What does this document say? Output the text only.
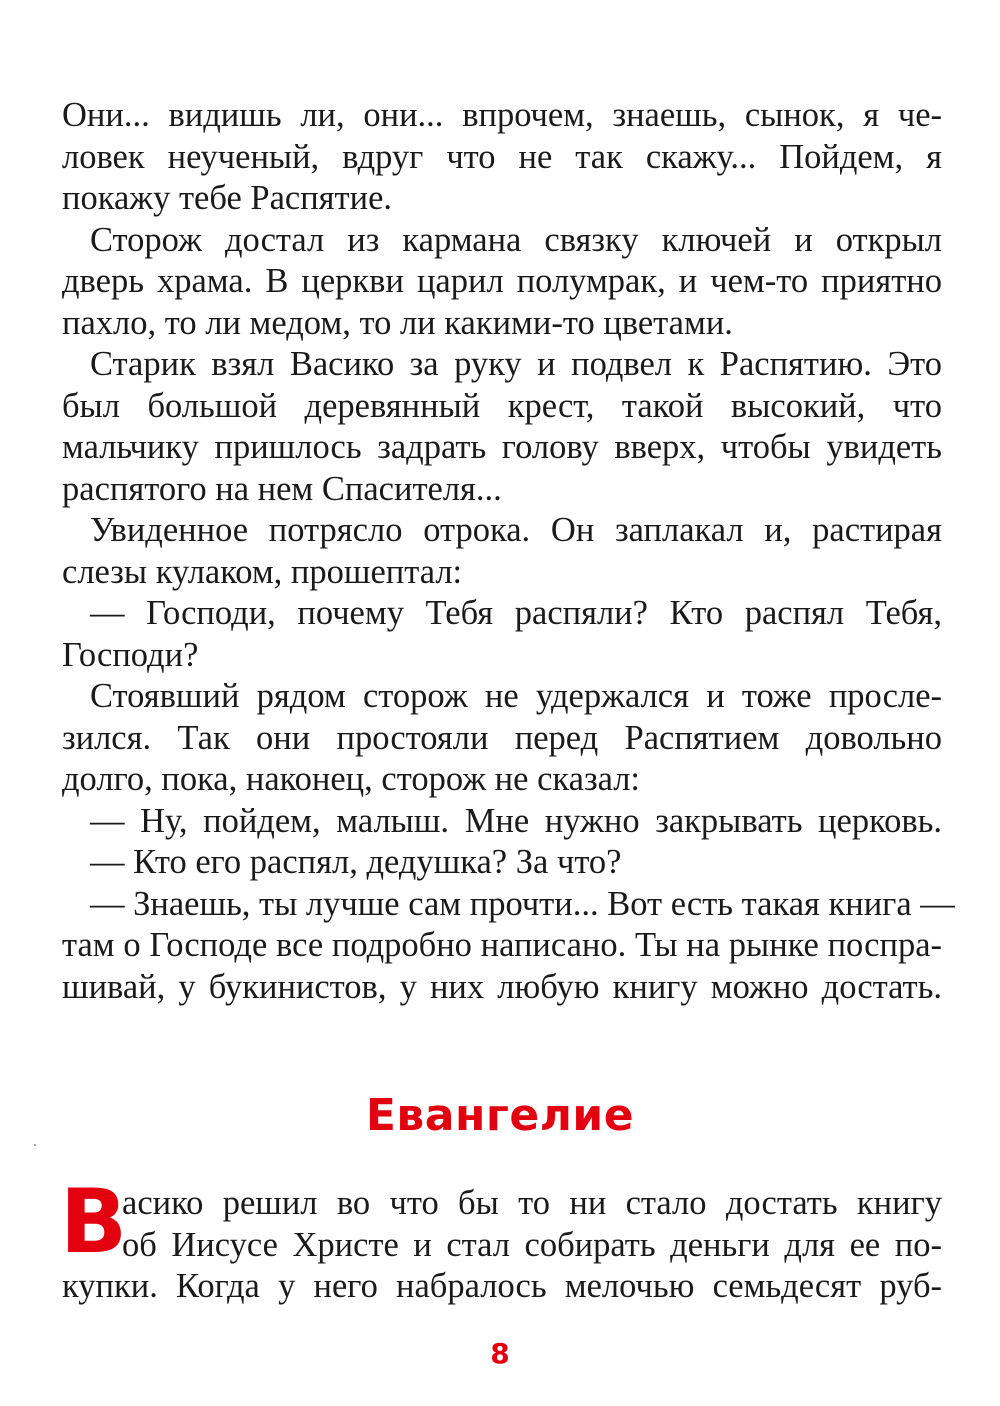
Они... видишь ли, они... впрочем, знаешь, сынок, я че-
ловек неученый, вдруг что не так скажу... Пойдем, я
покажу тебе Распятие.
Сторож достал из кармана связку ключей и открыл
дверь храма. В церкви царил полумрак, и чем-то приятно
пахло, то ли медом, то ли какими-то цветами.
Старик взял Васико за руку и подвел к Распятию. Это
был большой деревянный крест, такой высокий, что
мальчику пришлось задрать голову вверх, чтобы увидеть
распятого на нем Спасителя...
Увиденное потрясло отрока. Он заплакал и, растирая
слезы кулаком, прошептал:
— Господи, почему Тебя распяли? Кто распял Тебя,
Господи?
Стоявший рядом сторож не удержался и тоже просле-
зился. Так они простояли перед Распятием довольно
долго, пока, наконец, сторож не сказал:
— Ну, пойдем, малыш. Мне нужно закрывать церковь.
— Кто его распял, дедушка? За что?
— Знаешь, ты лучше сам прочти... Вот есть такая книга —
там о Господе все подробно написано. Ты на рынке поспра-
шивай, у букинистов, у них любую книгу можно достать.
Евангелие
В
асико решил во что бы то ни стало достать книгу
об Иисусе Христе и стал собирать деньги для ее по-
купки. Когда у него набралось мелочью семьдесят руб-
8
